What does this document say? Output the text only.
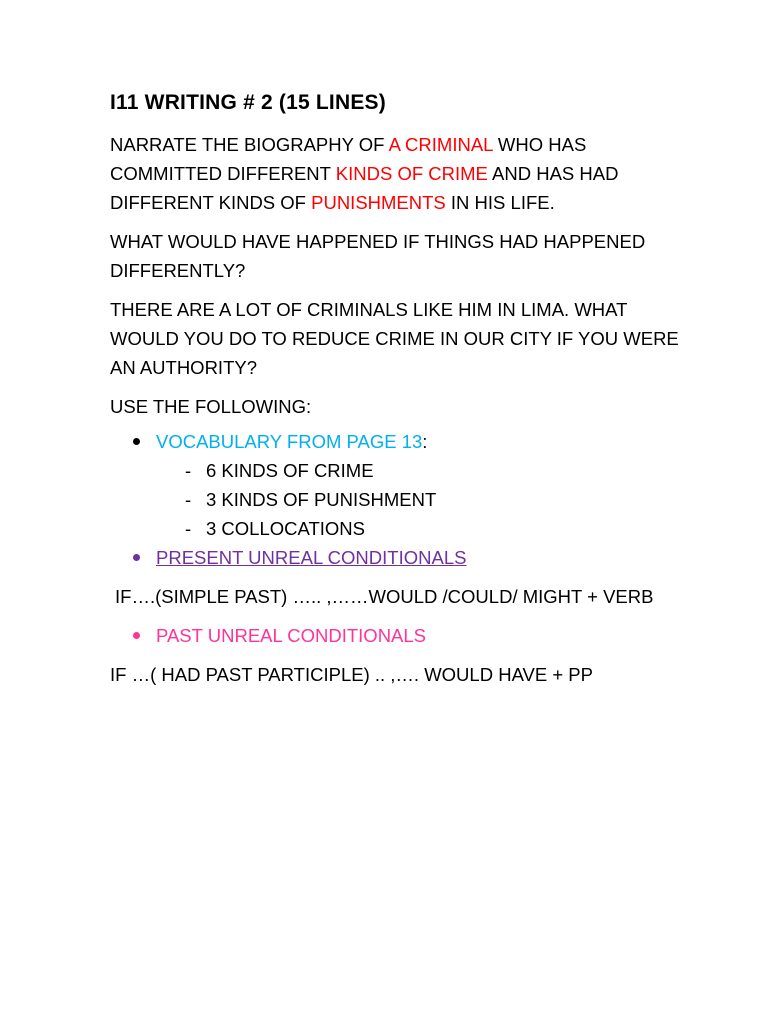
I11 WRITING # 2 (15 LINES)

NARRATE THE BIOGRAPHY OF A CRIMINAL WHO HAS COMMITTED DIFFERENT KINDS OF CRIME AND HAS HAD DIFFERENT KINDS OF PUNISHMENTS IN HIS LIFE.

WHAT WOULD HAVE HAPPENED IF THINGS HAD HAPPENED DIFFERENTLY?

THERE ARE A LOT OF CRIMINALS LIKE HIM IN LIMA. WHAT WOULD YOU DO TO REDUCE CRIME IN OUR CITY IF YOU WERE AN AUTHORITY?

USE THE FOLLOWING:

VOCABULARY FROM PAGE 13:
- 6 KINDS OF CRIME
- 3 KINDS OF PUNISHMENT
- 3 COLLOCATIONS
PRESENT UNREAL CONDITIONALS

IF….(SIMPLE PAST) ….. ,……WOULD /COULD/ MIGHT + VERB

PAST UNREAL CONDITIONALS

IF …( HAD PAST PARTICIPLE) .. ,…. WOULD HAVE + PP
